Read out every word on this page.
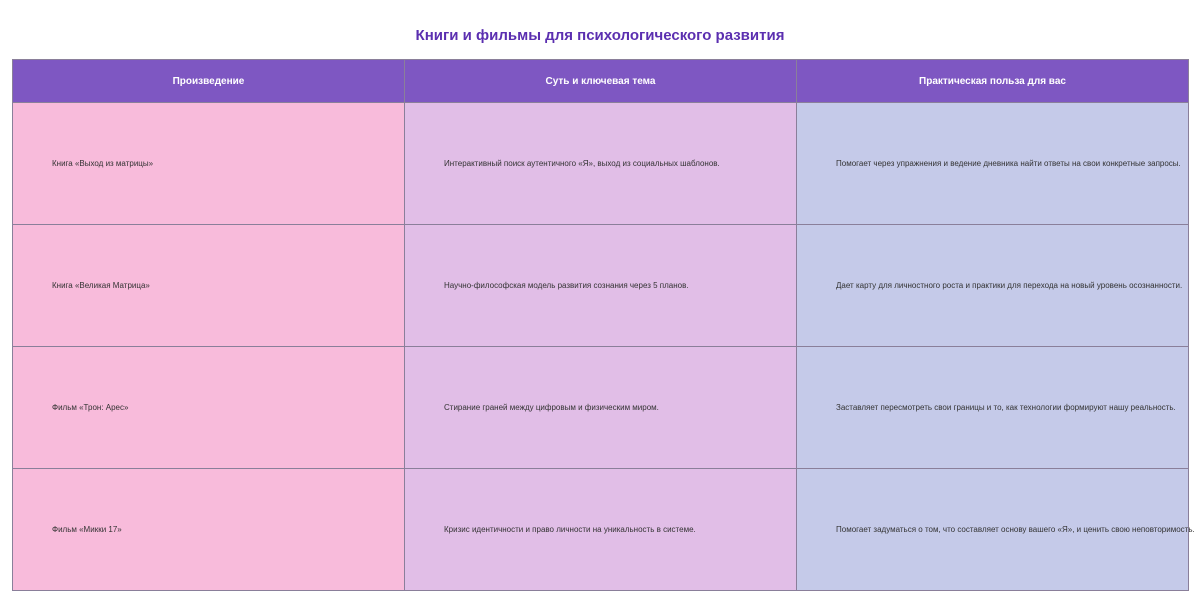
Книги и фильмы для психологического развития
Произведение	Суть и ключевая тема	Практическая польза для вас
Книга «Выход из матрицы»	Интерактивный поиск аутентичного «Я», выход из социальных шаблонов.	Помогает через упражнения и ведение дневника найти ответы на свои конкретные запросы.
Книга «Великая Матрица»	Научно-философская модель развития сознания через 5 планов.	Дает карту для личностного роста и практики для перехода на новый уровень осознанности.
Фильм «Трон: Арес»	Стирание граней между цифровым и физическим миром.	Заставляет пересмотреть свои границы и то, как технологии формируют нашу реальность.
Фильм «Микки 17»	Кризис идентичности и право личности на уникальность в системе.	Помогает задуматься о том, что составляет основу вашего «Я», и ценить свою неповторимость.
